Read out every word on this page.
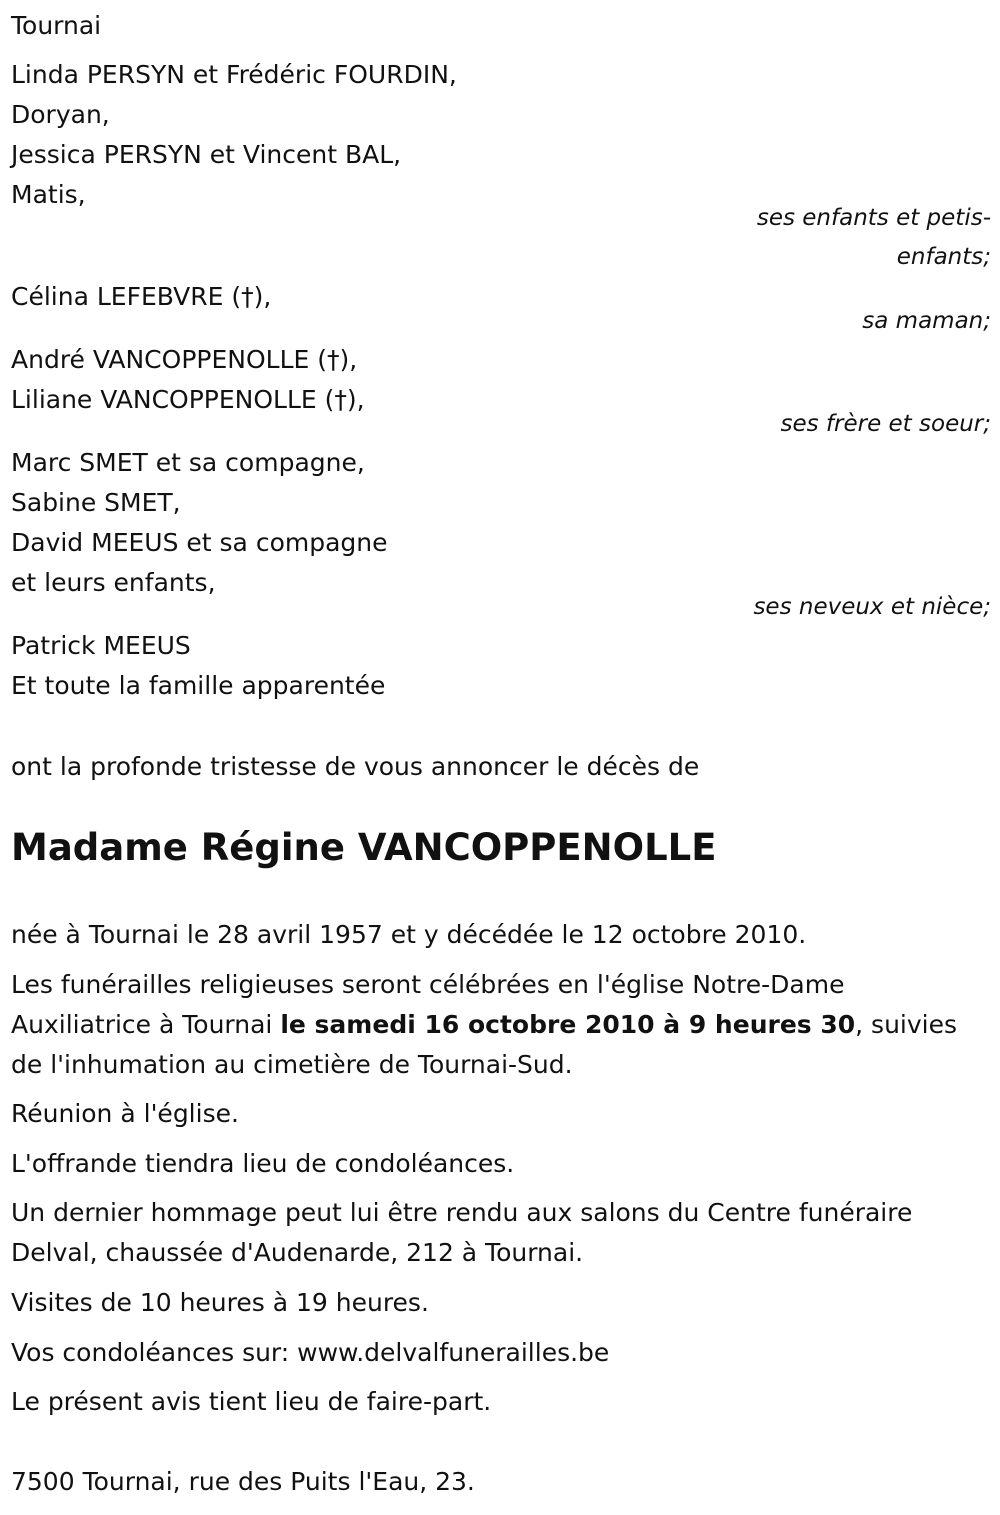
Tournai
Linda PERSYN et Frédéric FOURDIN,
Doryan,
Jessica PERSYN et Vincent BAL,
Matis,
ses enfants et petis-
enfants;
Célina LEFEBVRE (†),
sa maman;
André VANCOPPENOLLE (†),
Liliane VANCOPPENOLLE (†),
ses frère et soeur;
Marc SMET et sa compagne,
Sabine SMET,
David MEEUS et sa compagne
et leurs enfants,
ses neveux et nièce;
Patrick MEEUS
Et toute la famille apparentée
ont la profonde tristesse de vous annoncer le décès de
Madame Régine VANCOPPENOLLE

née à Tournai le 28 avril 1957 et y décédée le 12 octobre 2010.

Les funérailles religieuses seront célébrées en l'église Notre-Dame Auxiliatrice à Tournai le samedi 16 octobre 2010 à 9 heures 30, suivies de l'inhumation au cimetière de Tournai-Sud.

Réunion à l'église.

L'offrande tiendra lieu de condoléances.

Un dernier hommage peut lui être rendu aux salons du Centre funéraire Delval, chaussée d'Audenarde, 212 à Tournai.

Visites de 10 heures à 19 heures.

Vos condoléances sur: www.delvalfunerailles.be

Le présent avis tient lieu de faire-part.

7500 Tournai, rue des Puits l'Eau, 23.
